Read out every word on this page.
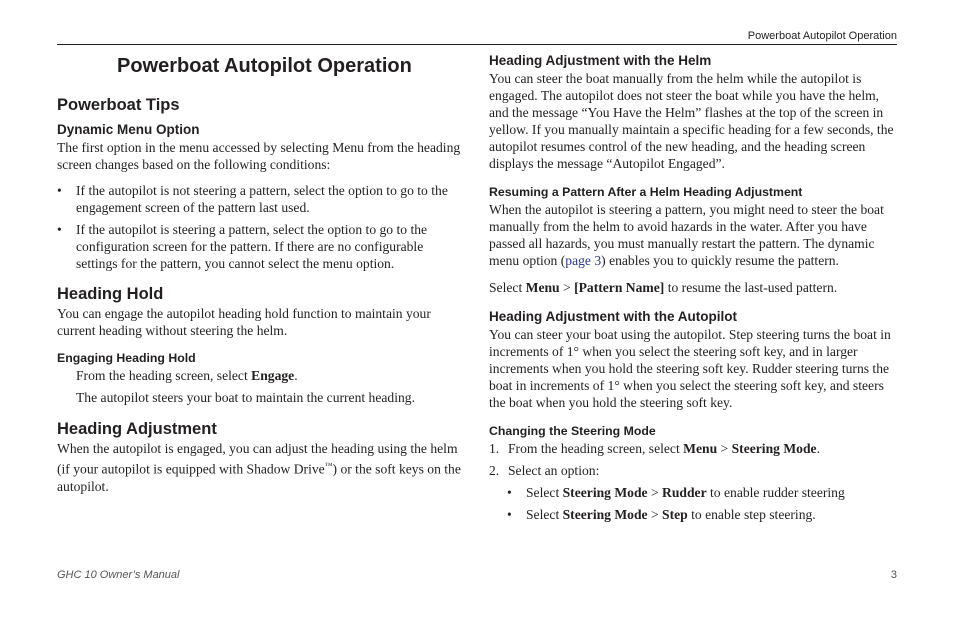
Powerboat Autopilot Operation
Powerboat Autopilot Operation
Powerboat Tips
Dynamic Menu Option

The first option in the menu accessed by selecting Menu from the heading screen changes based on the following conditions:

• If the autopilot is not steering a pattern, select the option to go to the engagement screen of the pattern last used.
• If the autopilot is steering a pattern, select the option to go to the configuration screen for the pattern. If there are no configurable settings for the pattern, you cannot select the menu option.
Heading Hold

You can engage the autopilot heading hold function to maintain your current heading without steering the helm.

Engaging Heading Hold

From the heading screen, select Engage.

The autopilot steers your boat to maintain the current heading.

Heading Adjustment

When the autopilot is engaged, you can adjust the heading using the helm (if your autopilot is equipped with Shadow Drive™) or the soft keys on the autopilot.

Heading Adjustment with the Helm

You can steer the boat manually from the helm while the autopilot is engaged. The autopilot does not steer the boat while you have the helm, and the message “You Have the Helm” flashes at the top of the screen in yellow. If you manually maintain a specific heading for a few seconds, the autopilot resumes control of the new heading, and the heading screen displays the message “Autopilot Engaged”.

Resuming a Pattern After a Helm Heading Adjustment

When the autopilot is steering a pattern, you might need to steer the boat manually from the helm to avoid hazards in the water. After you have passed all hazards, you must manually restart the pattern. The dynamic menu option (page 3) enables you to quickly resume the pattern.

Select Menu > [Pattern Name] to resume the last-used pattern.

Heading Adjustment with the Autopilot

You can steer your boat using the autopilot. Step steering turns the boat in increments of 1° when you select the steering soft key, and in larger increments when you hold the steering soft key. Rudder steering turns the boat in increments of 1° when you select the steering soft key, and steers the boat when you hold the steering soft key.

Changing the Steering Mode
1. From the heading screen, select Menu > Steering Mode.
2. Select an option:
• Select Steering Mode > Rudder to enable rudder steering
• Select Steering Mode > Step to enable step steering.
GHC 10 Owner’s Manual	3
